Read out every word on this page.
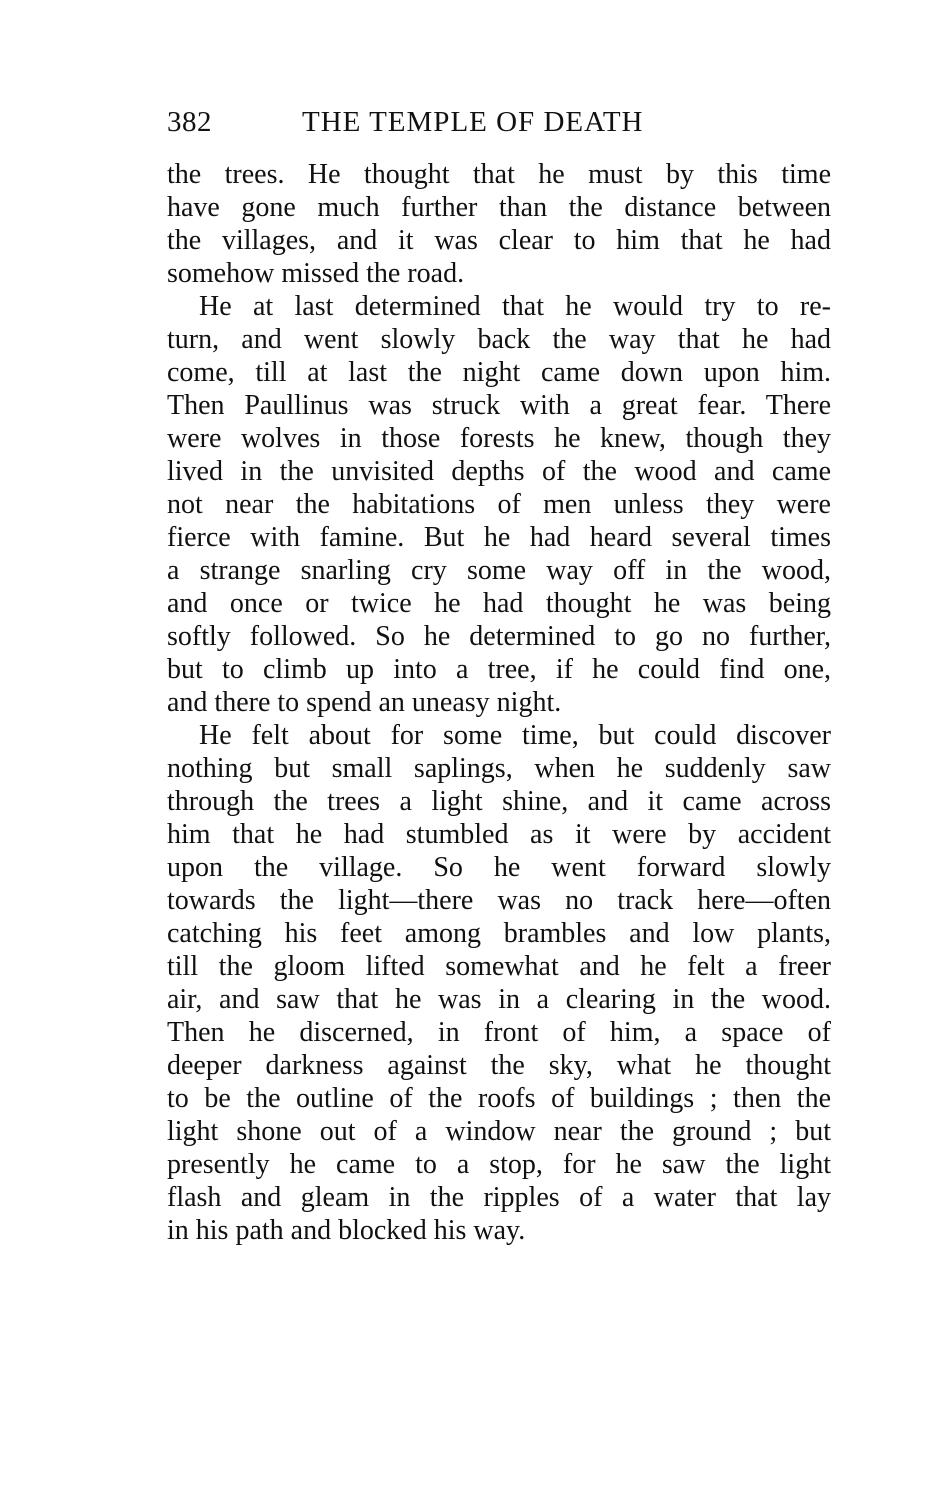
382	THE TEMPLE OF DEATH
the trees. He thought that he must by this time
have gone much further than the distance between
the villages, and it was clear to him that he had
somehow missed the road.
He at last determined that he would try to re-
turn, and went slowly back the way that he had
come, till at last the night came down upon him.
Then Paullinus was struck with a great fear. There
were wolves in those forests he knew, though they
lived in the unvisited depths of the wood and came
not near the habitations of men unless they were
fierce with famine. But he had heard several times
a strange snarling cry some way off in the wood,
and once or twice he had thought he was being
softly followed. So he determined to go no further,
but to climb up into a tree, if he could find one,
and there to spend an uneasy night.
He felt about for some time, but could discover
nothing but small saplings, when he suddenly saw
through the trees a light shine, and it came across
him that he had stumbled as it were by accident
upon the village. So he went forward slowly
towards the light—there was no track here—often
catching his feet among brambles and low plants,
till the gloom lifted somewhat and he felt a freer
air, and saw that he was in a clearing in the wood.
Then he discerned, in front of him, a space of
deeper darkness against the sky, what he thought
to be the outline of the roofs of buildings ; then the
light shone out of a window near the ground ; but
presently he came to a stop, for he saw the light
flash and gleam in the ripples of a water that lay
in his path and blocked his way.
